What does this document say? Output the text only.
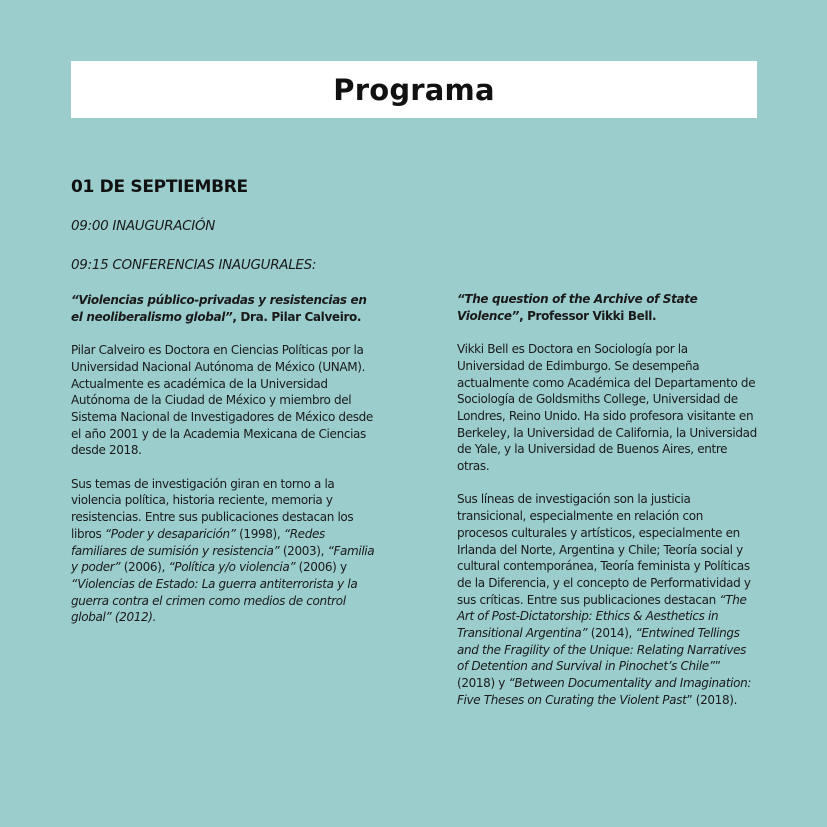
Programa
01 DE SEPTIEMBRE
09:00 INAUGURACIÓN
09:15 CONFERENCIAS INAUGURALES:

“Violencias público-privadas y resistencias en el neoliberalismo global”, Dra. Pilar Calveiro.

Pilar Calveiro es Doctora en Ciencias Políticas por la Universidad Nacional Autónoma de México (UNAM). Actualmente es académica de la Universidad Autónoma de la Ciudad de México y miembro del Sistema Nacional de Investigadores de México desde el año 2001 y de la Academia Mexicana de Ciencias desde 2018.

Sus temas de investigación giran en torno a la violencia política, historia reciente, memoria y resistencias. Entre sus publicaciones destacan los libros “Poder y desaparición” (1998), “Redes familiares de sumisión y resistencia” (2003), “Familia y poder” (2006), “Política y/o violencia” (2006) y “Violencias de Estado: La guerra antiterrorista y la guerra contra el crimen como medios de control global” (2012).

“The question of the Archive of State Violence”, Professor Vikki Bell.

Vikki Bell es Doctora en Sociología por la Universidad de Edimburgo. Se desempeña actualmente como Académica del Departamento de Sociología de Goldsmiths College, Universidad de Londres, Reino Unido. Ha sido profesora visitante en Berkeley, la Universidad de California, la Universidad de Yale, y la Universidad de Buenos Aires, entre otras.

Sus líneas de investigación son la justicia transicional, especialmente en relación con procesos culturales y artísticos, especialmente en Irlanda del Norte, Argentina y Chile; Teoría social y cultural contemporánea, Teoría feminista y Políticas de la Diferencia, y el concepto de Performatividad y sus críticas. Entre sus publicaciones destacan “The Art of Post-Dictatorship: Ethics & Aesthetics in Transitional Argentina” (2014), “Entwined Tellings and the Fragility of the Unique: Relating Narratives of Detention and Survival in Pinochet’s Chile”” (2018) y “Between Documentality and Imagination: Five Theses on Curating the Violent Past” (2018).
